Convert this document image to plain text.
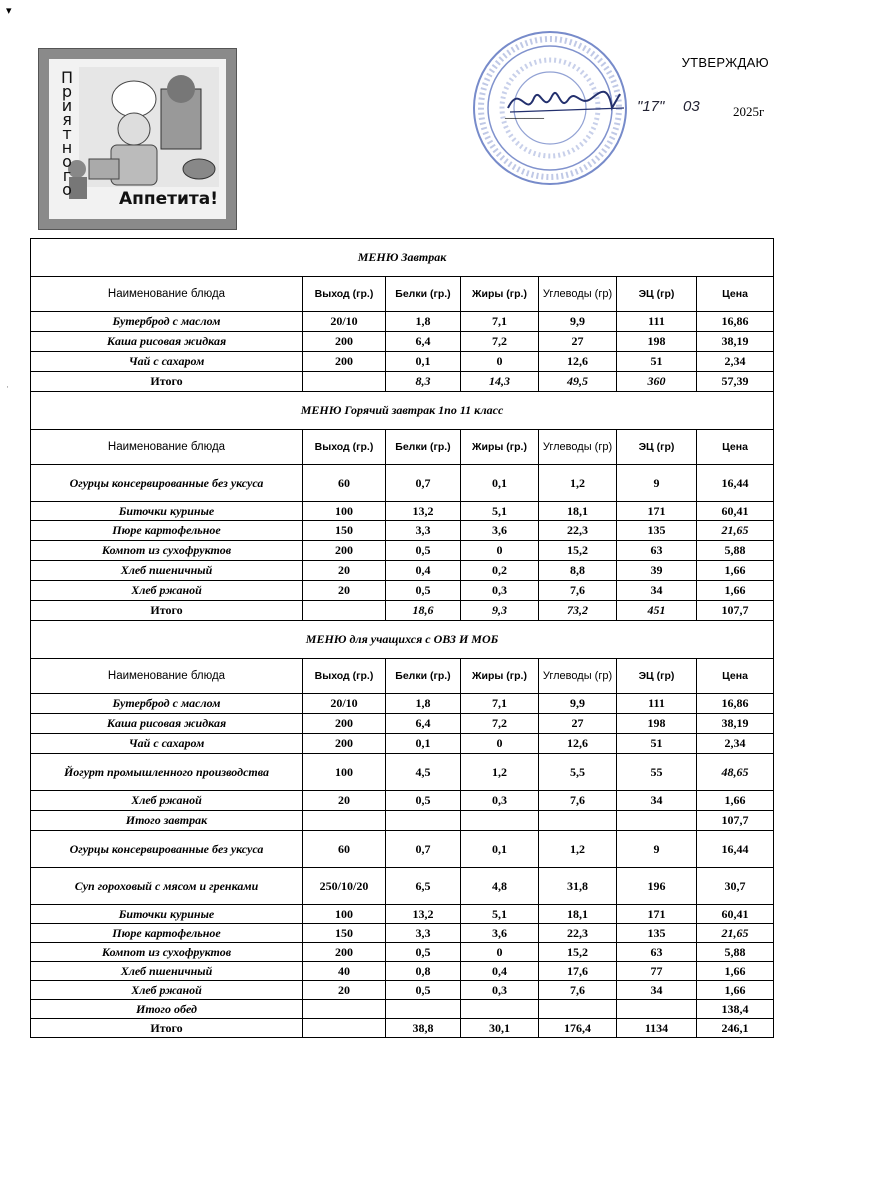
▾
·
П
р
и
я
т
н
о
г
о	Аппетита!
УТВЕРЖДАЮ
______	"17" 03	2025г
МЕНЮ Завтрак						
Наименование блюда	Выход (гр.)	Белки (гр.)	Жиры (гр.)	Углеводы (гр)	ЭЦ (гр)	Цена
Бутерброд с маслом	20/10	1,8	7,1	9,9	111	16,86
Каша рисовая жидкая	200	6,4	7,2	27	198	38,19
Чай с сахаром	200	0,1	0	12,6	51	2,34
Итого		8,3	14,3	49,5	360	57,39
МЕНЮ Горячий завтрак 1по 11 класс						
Наименование блюда	Выход (гр.)	Белки (гр.)	Жиры (гр.)	Углеводы (гр)	ЭЦ (гр)	Цена
Огурцы консервированные без уксуса	60	0,7	0,1	1,2	9	16,44
Биточки куриные	100	13,2	5,1	18,1	171	60,41
Пюре картофельное	150	3,3	3,6	22,3	135	21,65
Компот из сухофруктов	200	0,5	0	15,2	63	5,88
Хлеб пшеничный	20	0,4	0,2	8,8	39	1,66
Хлеб ржаной	20	0,5	0,3	7,6	34	1,66
Итого		18,6	9,3	73,2	451	107,7
МЕНЮ для учащихся с ОВЗ И МОБ						
Наименование блюда	Выход (гр.)	Белки (гр.)	Жиры (гр.)	Углеводы (гр)	ЭЦ (гр)	Цена
Бутерброд с маслом	20/10	1,8	7,1	9,9	111	16,86
Каша рисовая жидкая	200	6,4	7,2	27	198	38,19
Чай с сахаром	200	0,1	0	12,6	51	2,34
Йогурт промышленного производства	100	4,5	1,2	5,5	55	48,65
Хлеб ржаной	20	0,5	0,3	7,6	34	1,66
Итого завтрак						107,7
Огурцы консервированные без уксуса	60	0,7	0,1	1,2	9	16,44
Суп гороховый с мясом и гренками	250/10/20	6,5	4,8	31,8	196	30,7
Биточки куриные	100	13,2	5,1	18,1	171	60,41
Пюре картофельное	150	3,3	3,6	22,3	135	21,65
Компот из сухофруктов	200	0,5	0	15,2	63	5,88
Хлеб пшеничный	40	0,8	0,4	17,6	77	1,66
Хлеб ржаной	20	0,5	0,3	7,6	34	1,66
Итого обед						138,4
Итого		38,8	30,1	176,4	1134	246,1
